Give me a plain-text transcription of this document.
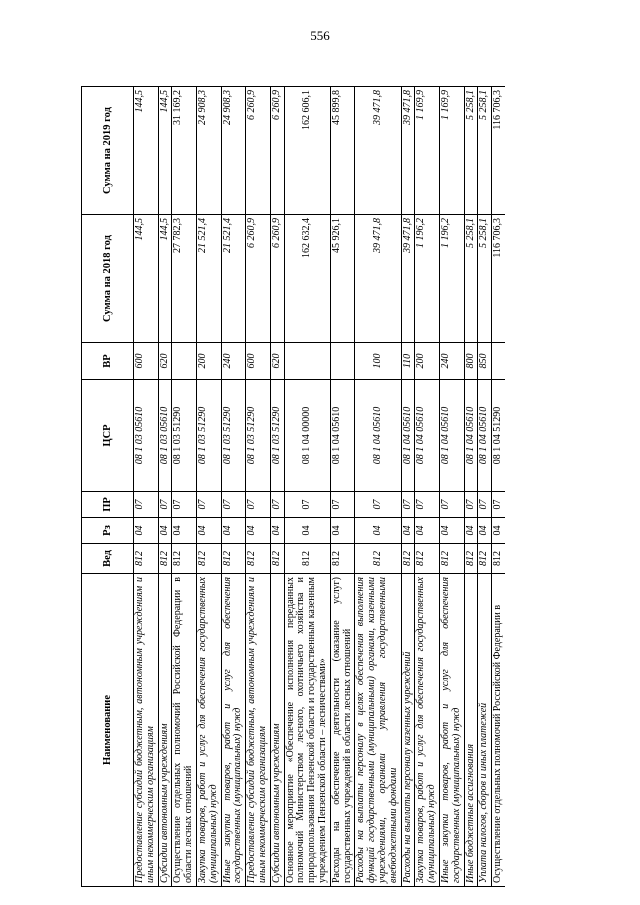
556
Наименование	Вед	Рз	ПР	ЦСР	ВР	Сумма на 2018 год	Сумма на 2019 год
Предоставление субсидий бюджетным, автономным учреждениям и иным некоммерческим организациям	812	04	07	08 1 03 05610	600	144,5	144,5
Субсидии автономным учреждениям	812	04	07	08 1 03 05610	620	144,5	144,5
Осуществление отдельных полномочий Российской Федерации в области лесных отношений	812	04	07	08 1 03 51290		27 782,3	31 169,2
Закупка товаров, работ и услуг для обеспечения государственных (муниципальных) нужд	812	04	07	08 1 03 51290	200	21 521,4	24 908,3
Иные закупки товаров, работ и услуг для обеспечения государственных (муниципальных) нужд	812	04	07	08 1 03 51290	240	21 521,4	24 908,3
Предоставление субсидий бюджетным, автономным учреждениям и иным некоммерческим организациям	812	04	07	08 1 03 51290	600	6 260,9	6 260,9
Субсидии автономным учреждениям	812	04	07	08 1 03 51290	620	6 260,9	6 260,9
Основное мероприятие «Обеспечение исполнения переданных полномочий Министерством лесного, охотничьего хозяйства и природопользования Пензенской области и государственным казенным учреждением Пензенской области – лесничествами»	812	04	07	08 1 04 00000		162 632,4	162 606,1
Расходы на обеспечение деятельности (оказание услуг) государственных учреждений в области лесных отношений	812	04	07	08 1 04 05610		45 926,1	45 899,8
Расходы на выплаты персоналу в целях обеспечения выполнения функций государственными (муниципальными) органами, казенными учреждениями, органами управления государственными внебюджетными фондами	812	04	07	08 1 04 05610	100	39 471,8	39 471,8
Расходы на выплаты персоналу казенных учреждений	812	04	07	08 1 04 05610	110	39 471,8	39 471,8
Закупка товаров, работ и услуг для обеспечения государственных (муниципальных) нужд	812	04	07	08 1 04 05610	200	1 196,2	1 169,9
Иные закупки товаров, работ и услуг для обеспечения государственных (муниципальных) нужд	812	04	07	08 1 04 05610	240	1 196,2	1 169,9
Иные бюджетные ассигнования	812	04	07	08 1 04 05610	800	5 258,1	5 258,1
Уплата налогов, сборов и иных платежей	812	04	07	08 1 04 05610	850	5 258,1	5 258,1
Осуществление отдельных полномочий Российской Федерации в	812	04	07	08 1 04 51290		116 706,3	116 706,3
